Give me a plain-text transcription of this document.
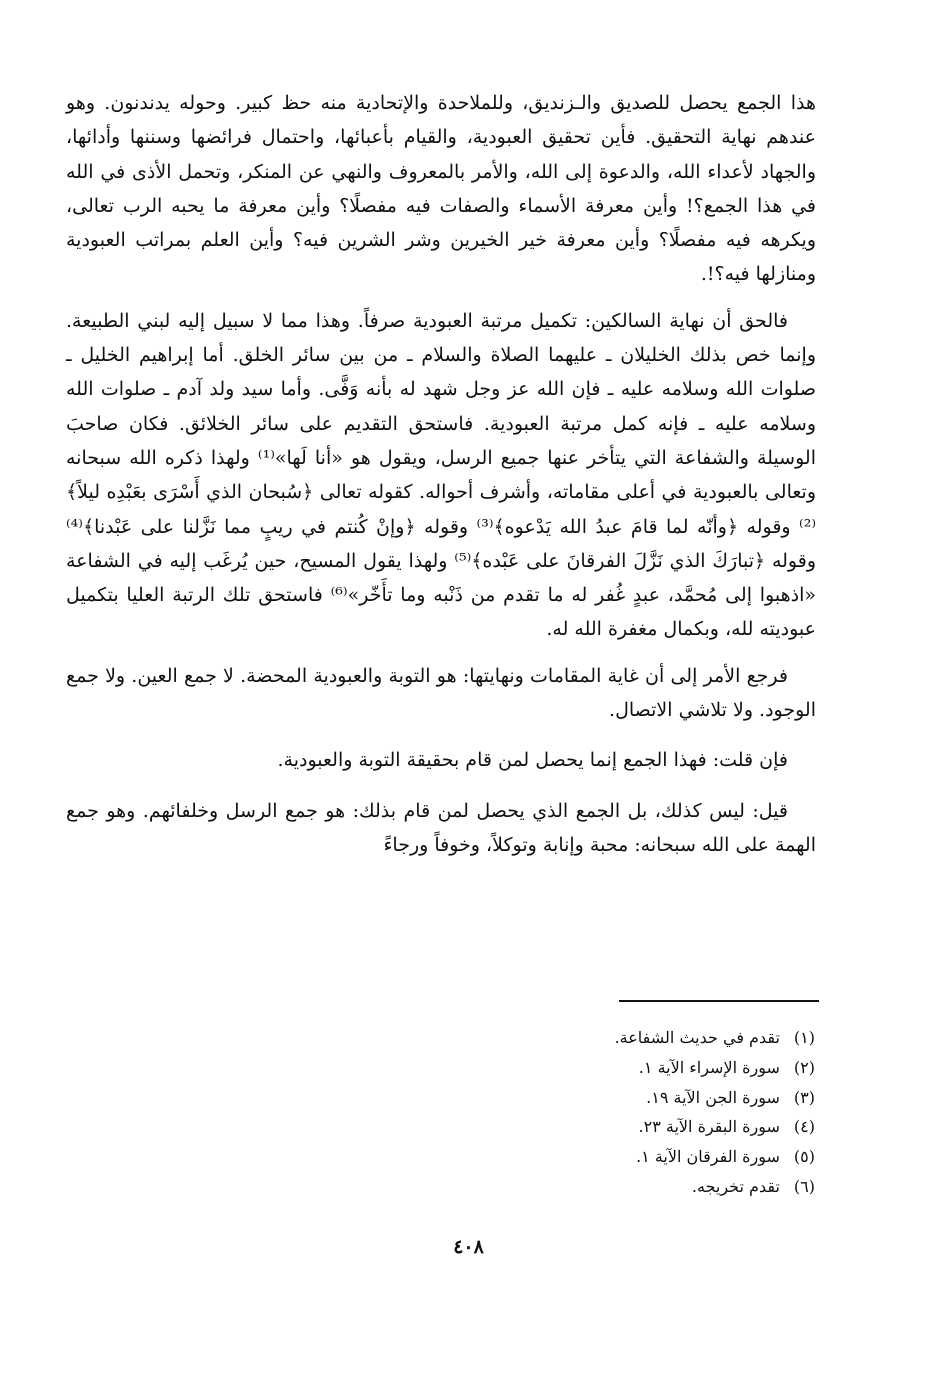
هذا الجمع يحصل للصديق والـزنديق، وللملاحدة والإتحادية منه حظ كبير. وحوله يدندنون. وهو عندهم نهاية التحقيق. فأين تحقيق العبودية، والقيام بأعبائها، واحتمال فرائضها وسننها وأدائها، والجهاد لأعداء الله، والدعوة إلى الله، والأمر بالمعروف والنهي عن المنكر، وتحمل الأذى في الله في هذا الجمع؟! وأين معرفة الأسماء والصفات فيه مفصلًا؟ وأين معرفة ما يحبه الرب تعالى، ويكرهه فيه مفصلًا؟ وأين معرفة خير الخيرين وشر الشرين فيه؟ وأين العلم بمراتب العبودية ومنازلها فيه؟!.

فالحق أن نهاية السالكين: تكميل مرتبة العبودية صرفاً. وهذا مما لا سبيل إليه لبني الطبيعة. وإنما خص بذلك الخليلان ـ عليهما الصلاة والسلام ـ من بين سائر الخلق. أما إبراهيم الخليل ـ صلوات الله وسلامه عليه ـ فإن الله عز وجل شهد له بأنه وَفَّى. وأما سيد ولد آدم ـ صلوات الله وسلامه عليه ـ فإنه كمل مرتبة العبودية. فاستحق التقديم على سائر الخلائق. فكان صاحبَ الوسيلة والشفاعة التي يتأخر عنها جميع الرسل، ويقول هو «أنا لَها»⁽¹⁾ ولهذا ذكره الله سبحانه وتعالى بالعبودية في أعلى مقاماته، وأشرف أحواله. كقوله تعالى ﴿سُبحان الذي أَسْرَى بعَبْدِه ليلاً﴾⁽²⁾ وقوله ﴿وأنّه لما قامَ عبدُ الله يَدْعوه﴾⁽³⁾ وقوله ﴿وإنْ كُنتم في ريبٍ مما نَزَّلنا على عَبْدنا﴾⁽⁴⁾ وقوله ﴿تبارَكَ الذي نَزَّلَ الفرقانَ على عَبْده﴾⁽⁵⁾ ولهذا يقول المسيح، حين يُرغَب إليه في الشفاعة «اذهبوا إلى مُحمَّد، عبدٍ غُفر له ما تقدم من ذَنْبه وما تأَخّر»⁽⁶⁾ فاستحق تلك الرتبة العليا بتكميل عبوديته لله، وبكمال مغفرة الله له.

فرجع الأمر إلى أن غاية المقامات ونهايتها: هو التوبة والعبودية المحضة. لا جمع العين. ولا جمع الوجود. ولا تلاشي الاتصال.

فإن قلت: فهذا الجمع إنما يحصل لمن قام بحقيقة التوبة والعبودية.

قيل: ليس كذلك، بل الجمع الذي يحصل لمن قام بذلك: هو جمع الرسل وخلفائهم. وهو جمع الهمة على الله سبحانه: محبة وإنابة وتوكلاً، وخوفاً ورجاءً

(١) تقدم في حديث الشفاعة.
(٢) سورة الإسراء الآية ١.
(٣) سورة الجن الآية ١٩.
(٤) سورة البقرة الآية ٢٣.
(٥) سورة الفرقان الآية ١.
(٦) تقدم تخريجه.
٤٠٨
